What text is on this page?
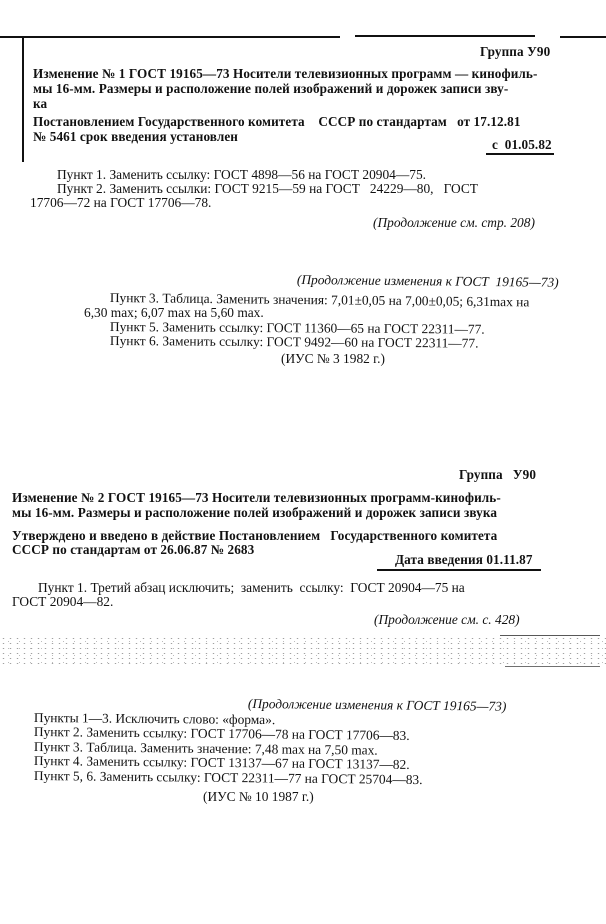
Группа У90
Изменение № 1 ГОСТ 19165—73 Носители телевизионных программ — кинофиль-
мы 16-мм. Размеры и расположение полей изображений и дорожек записи зву-
ка
Постановлением Государственного комитета    СССР по стандартам   от 17.12.81
№ 5461 срок введения установлен
с  01.05.82
Пункт 1. Заменить ссылку: ГОСТ 4898—56 на ГОСТ 20904—75.
Пункт 2. Заменить ссылки: ГОСТ 9215—59 на ГОСТ   24229—80,   ГОСТ
17706—72 на ГОСТ 17706—78.
(Продолжение см. стр. 208)
(Продолжение изменения к ГОСТ  19165—73)
Пункт 3. Таблица. Заменить значения: 7,01±0,05 на 7,00±0,05; 6,31max на
6,30 max; 6,07 max на 5,60 max.
Пункт 5. Заменить ссылку: ГОСТ 11360—65 на ГОСТ 22311—77.
Пункт 6. Заменить ссылку: ГОСТ 9492—60 на ГОСТ 22311—77.
(ИУС № 3 1982 г.)
Группа   У90
Изменение № 2 ГОСТ 19165—73 Носители телевизионных программ-кинофиль-
мы 16-мм. Размеры и расположение полей изображений и дорожек записи звука
Утверждено и введено в действие Постановлением   Государственного комитета
СССР по стандартам от 26.06.87 № 2683
Дата введения 01.11.87
Пункт 1. Третий абзац исключить;  заменить  ссылку:  ГОСТ 20904—75 на
ГОСТ 20904—82.
(Продолжение см. с. 428)
(Продолжение изменения к ГОСТ 19165—73)
Пункты 1—3. Исключить слово: «форма».
Пункт 2. Заменить ссылку: ГОСТ 17706—78 на ГОСТ 17706—83.
Пункт 3. Таблица. Заменить значение: 7,48 max на 7,50 max.
Пункт 4. Заменить ссылку: ГОСТ 13137—67 на ГОСТ 13137—82.
Пункт 5, 6. Заменить ссылку: ГОСТ 22311—77 на ГОСТ 25704—83.
(ИУС № 10 1987 г.)
